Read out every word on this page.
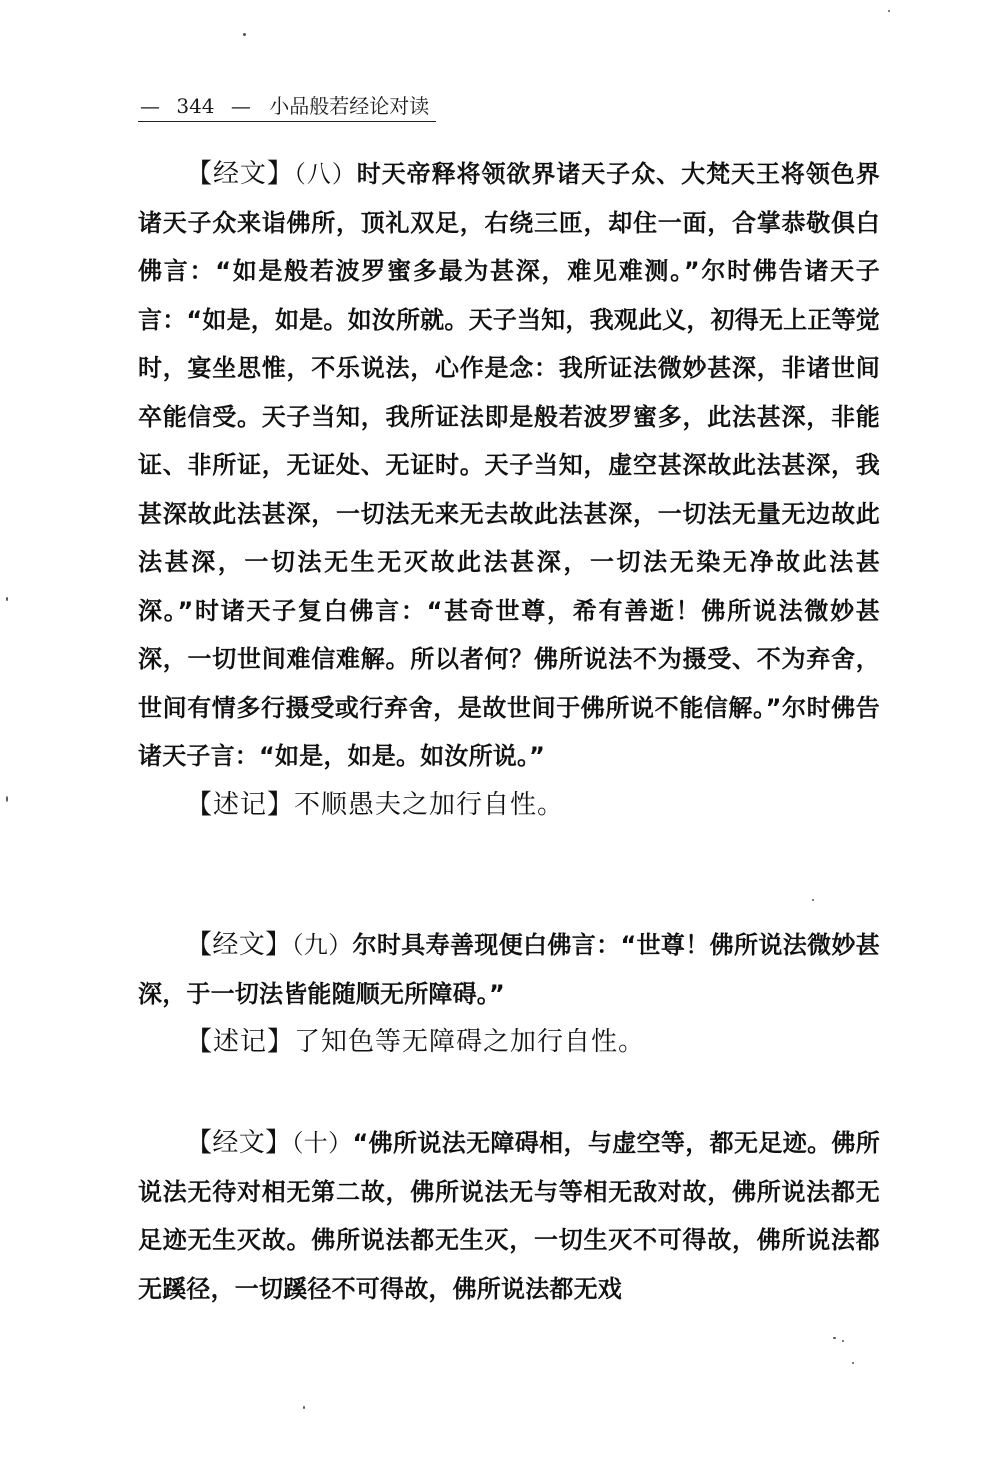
— 344 — 小品般若经论对读

【经文】（八）时天帝释将领欲界诸天子众、大梵天王将领色界诸天子众来诣佛所，顶礼双足，右绕三匝，却住一面，合掌恭敬俱白佛言：“如是般若波罗蜜多最为甚深，难见难测。”尔时佛告诸天子言：“如是，如是。如汝所就。天子当知，我观此义，初得无上正等觉时，宴坐思惟，不乐说法，心作是念：我所证法微妙甚深，非诸世间卒能信受。天子当知，我所证法即是般若波罗蜜多，此法甚深，非能证、非所证，无证处、无证时。天子当知，虚空甚深故此法甚深，我甚深故此法甚深，一切法无来无去故此法甚深，一切法无量无边故此法甚深，一切法无生无灭故此法甚深，一切法无染无净故此法甚深。”时诸天子复白佛言：“甚奇世尊，希有善逝！佛所说法微妙甚深，一切世间难信难解。所以者何？佛所说法不为摄受、不为弃舍，世间有情多行摄受或行弃舍，是故世间于佛所说不能信解。”尔时佛告诸天子言：“如是，如是。如汝所说。”

【述记】不顺愚夫之加行自性。

【经文】（九）尔时具寿善现便白佛言：“世尊！佛所说法微妙甚深，于一切法皆能随顺无所障碍。”

【述记】了知色等无障碍之加行自性。

【经文】（十）“佛所说法无障碍相，与虚空等，都无足迹。佛所说法无待对相无第二故，佛所说法无与等相无敌对故，佛所说法都无足迹无生灭故。佛所说法都无生灭，一切生灭不可得故，佛所说法都无蹊径，一切蹊径不可得故，佛所说法都无戏
